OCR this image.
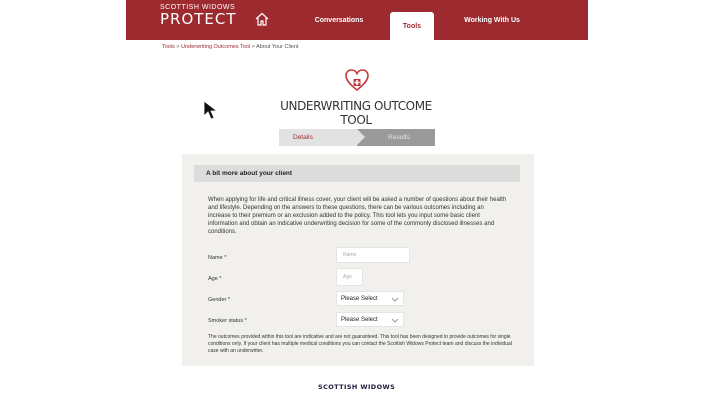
SCOTTISH WIDOWS
PROTECT	Conversations
Tools
Working With Us
Tools > Underwriting Outcomes Tool > About Your Client
UNDERWRITING OUTCOME TOOL
Details	Results
A bit more about your client
When applying for life and critical illness cover, your client will be asked a number of questions about their health and lifestyle. Depending on the answers to these questions, there can be various outcomes including an increase to their premium or an exclusion added to the policy. This tool lets you input some basic client information and obtain an indicative underwriting decision for some of the commonly disclosed illnesses and conditions.
Name *	Name
Age *	Age
Gender *	Please Select
Smoker status *	Please Select
The outcomes provided within this tool are indicative and are not guaranteed. This tool has been designed to provide outcomes for single conditions only. If your client has multiple medical conditions you can contact the Scottish Widows Protect team and discuss the individual case with an underwriter.
SCOTTISH WIDOWS
